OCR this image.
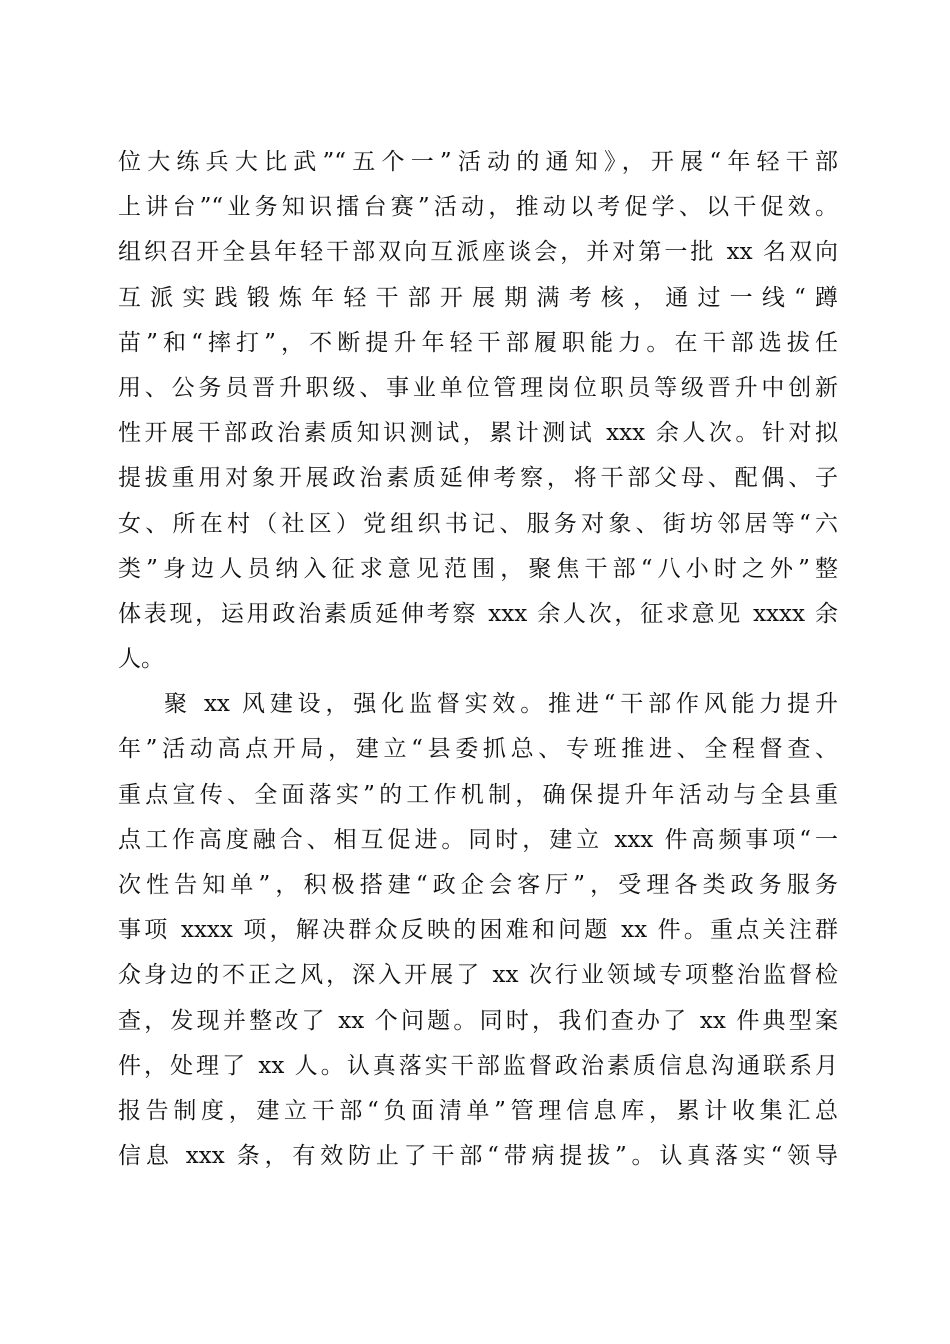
位大练兵大比武”“五个一”活动的通知》，开展“年轻干部
上讲台”“业务知识擂台赛”活动，推动以考促学、以干促效。
组织召开全县年轻干部双向互派座谈会，并对第一批 xx 名双向
互派实践锻炼年轻干部开展期满考核，通过一线“蹲
苗”和“摔打”，不断提升年轻干部履职能力。在干部选拔任
用、公务员晋升职级、事业单位管理岗位职员等级晋升中创新
性开展干部政治素质知识测试，累计测试 xxx 余人次。针对拟
提拔重用对象开展政治素质延伸考察，将干部父母、配偶、子
女、所在村（社区）党组织书记、服务对象、街坊邻居等“六
类”身边人员纳入征求意见范围，聚焦干部“八小时之外”整
体表现，运用政治素质延伸考察 xxx 余人次，征求意见 xxxx 余
人。
聚 xx 风建设，强化监督实效。推进“干部作风能力提升
年”活动高点开局，建立“县委抓总、专班推进、全程督查、
重点宣传、全面落实”的工作机制，确保提升年活动与全县重
点工作高度融合、相互促进。同时，建立 xxx 件高频事项“一
次性告知单”，积极搭建“政企会客厅”，受理各类政务服务
事项 xxxx 项，解决群众反映的困难和问题 xx 件。重点关注群
众身边的不正之风，深入开展了 xx 次行业领域专项整治监督检
查，发现并整改了 xx 个问题。同时，我们查办了 xx 件典型案
件，处理了 xx 人。认真落实干部监督政治素质信息沟通联系月
报告制度，建立干部“负面清单”管理信息库，累计收集汇总
信息 xxx 条，有效防止了干部“带病提拔”。认真落实“领导
